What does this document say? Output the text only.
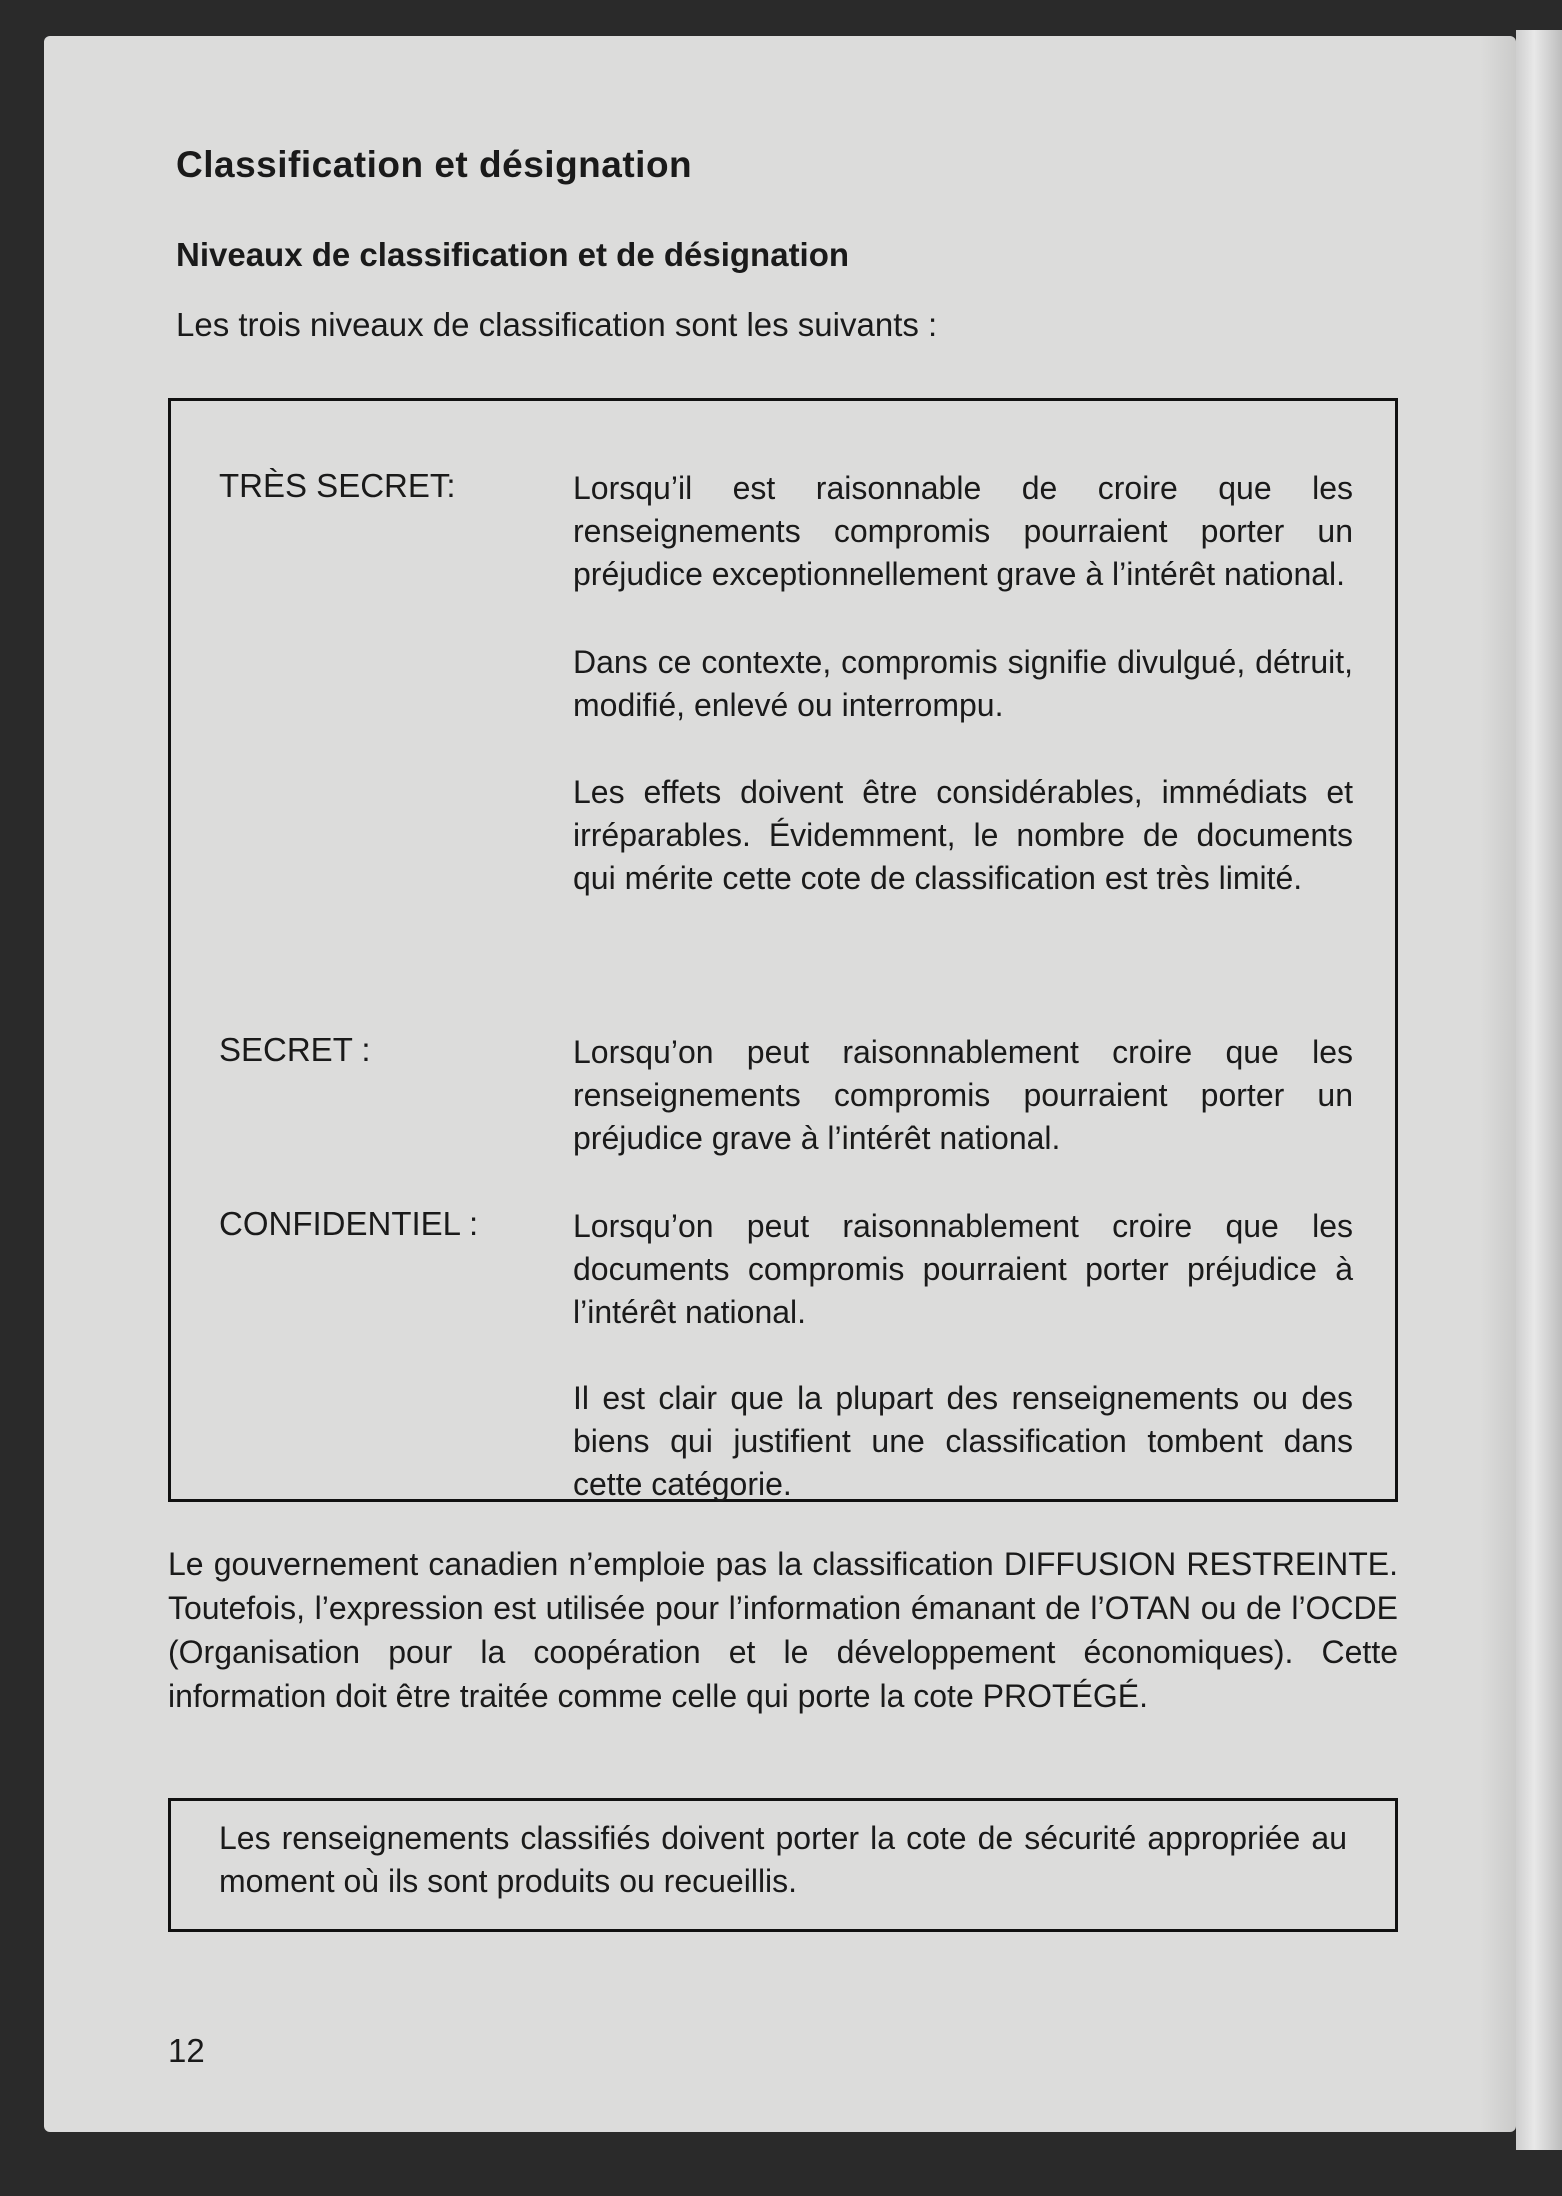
Classification et désignation
Niveaux de classification et de désignation
Les trois niveaux de classification sont les suivants :
TRÈS SECRET:	Lorsqu’il est raisonnable de croire que les renseignements compromis pourraient porter un préjudice exceptionnellement grave à l’intérêt national.
Dans ce contexte, compromis signifie divulgué, détruit, modifié, enlevé ou interrompu.
Les effets doivent être considérables, immédiats et irréparables. Évidemment, le nombre de documents qui mérite cette cote de classification est très limité.
SECRET :	Lorsqu’on peut raisonnablement croire que les renseignements compromis pourraient porter un préjudice grave à l’intérêt national.
CONFIDENTIEL :	Lorsqu’on peut raisonnablement croire que les documents compromis pourraient porter préjudice à l’intérêt national.
Il est clair que la plupart des renseignements ou des biens qui justifient une classification tombent dans cette catégorie.
Le gouvernement canadien n’emploie pas la classification DIFFUSION RESTREINTE. Toutefois, l’expression est utilisée pour l’information émanant de l’OTAN ou de l’OCDE (Organisation pour la coopération et le développement économiques). Cette information doit être traitée comme celle qui porte la cote PROTÉGÉ.
Les renseignements classifiés doivent porter la cote de sécurité appropriée au moment où ils sont produits ou recueillis.
12
